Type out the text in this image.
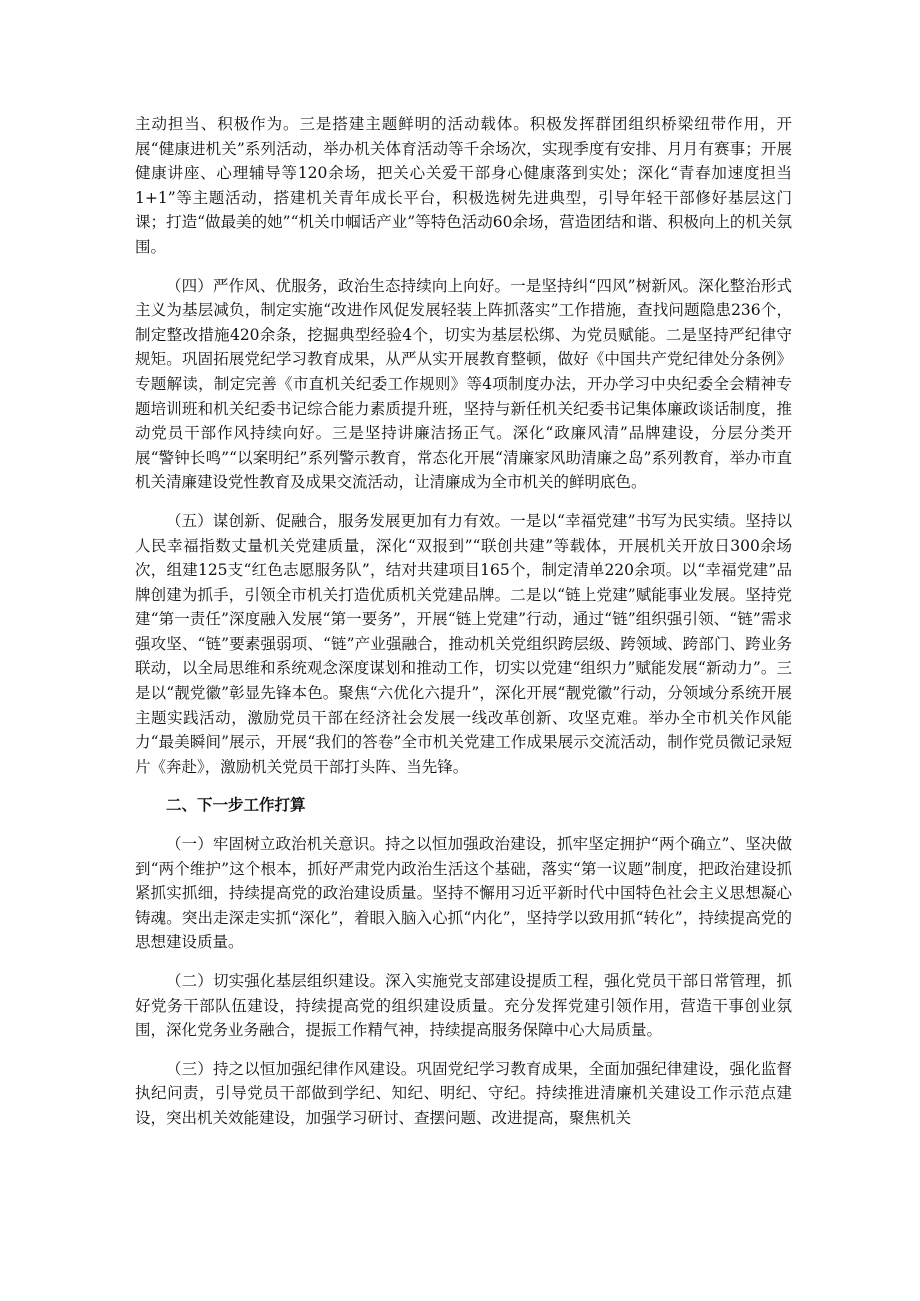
主动担当、积极作为。三是搭建主题鲜明的活动载体。积极发挥群团组织桥梁纽带作用，开展“健康进机关”系列活动，举办机关体育活动等千余场次，实现季度有安排、月月有赛事；开展健康讲座、心理辅导等120余场，把关心关爱干部身心健康落到实处；深化“青春加速度担当1+1”等主题活动，搭建机关青年成长平台，积极选树先进典型，引导年轻干部修好基层这门课；打造“做最美的她”“机关巾帼话产业”等特色活动60余场，营造团结和谐、积极向上的机关氛围。

（四）严作风、优服务，政治生态持续向上向好。一是坚持纠“四风”树新风。深化整治形式主义为基层减负，制定实施“改进作风促发展轻装上阵抓落实”工作措施，查找问题隐患236个，制定整改措施420余条，挖掘典型经验4个，切实为基层松绑、为党员赋能。二是坚持严纪律守规矩。巩固拓展党纪学习教育成果，从严从实开展教育整顿，做好《中国共产党纪律处分条例》专题解读，制定完善《市直机关纪委工作规则》等4项制度办法，开办学习中央纪委全会精神专题培训班和机关纪委书记综合能力素质提升班，坚持与新任机关纪委书记集体廉政谈话制度，推动党员干部作风持续向好。三是坚持讲廉洁扬正气。深化“政廉风清”品牌建设，分层分类开展“警钟长鸣”“以案明纪”系列警示教育，常态化开展“清廉家风助清廉之岛”系列教育，举办市直机关清廉建设党性教育及成果交流活动，让清廉成为全市机关的鲜明底色。

（五）谋创新、促融合，服务发展更加有力有效。一是以“幸福党建”书写为民实绩。坚持以人民幸福指数丈量机关党建质量，深化“双报到”“联创共建”等载体，开展机关开放日300余场次，组建125支“红色志愿服务队”，结对共建项目165个，制定清单220余项。以“幸福党建”品牌创建为抓手，引领全市机关打造优质机关党建品牌。二是以“链上党建”赋能事业发展。坚持党建“第一责任”深度融入发展“第一要务”，开展“链上党建”行动，通过“链”组织强引领、“链”需求强攻坚、“链”要素强弱项、“链”产业强融合，推动机关党组织跨层级、跨领域、跨部门、跨业务联动，以全局思维和系统观念深度谋划和推动工作，切实以党建“组织力”赋能发展“新动力”。三是以“靓党徽”彰显先锋本色。聚焦“六优化六提升”，深化开展“靓党徽”行动，分领域分系统开展主题实践活动，激励党员干部在经济社会发展一线改革创新、攻坚克难。举办全市机关作风能力“最美瞬间”展示，开展“我们的答卷”全市机关党建工作成果展示交流活动，制作党员微记录短片《奔赴》，激励机关党员干部打头阵、当先锋。

二、下一步工作打算

（一）牢固树立政治机关意识。持之以恒加强政治建设，抓牢坚定拥护“两个确立”、坚决做到“两个维护”这个根本，抓好严肃党内政治生活这个基础，落实“第一议题”制度，把政治建设抓紧抓实抓细，持续提高党的政治建设质量。坚持不懈用习近平新时代中国特色社会主义思想凝心铸魂。突出走深走实抓“深化”，着眼入脑入心抓“内化”，坚持学以致用抓“转化”，持续提高党的思想建设质量。

（二）切实强化基层组织建设。深入实施党支部建设提质工程，强化党员干部日常管理，抓好党务干部队伍建设，持续提高党的组织建设质量。充分发挥党建引领作用，营造干事创业氛围，深化党务业务融合，提振工作精气神，持续提高服务保障中心大局质量。

（三）持之以恒加强纪律作风建设。巩固党纪学习教育成果，全面加强纪律建设，强化监督执纪问责，引导党员干部做到学纪、知纪、明纪、守纪。持续推进清廉机关建设工作示范点建设，突出机关效能建设，加强学习研讨、查摆问题、改进提高，聚焦机关
